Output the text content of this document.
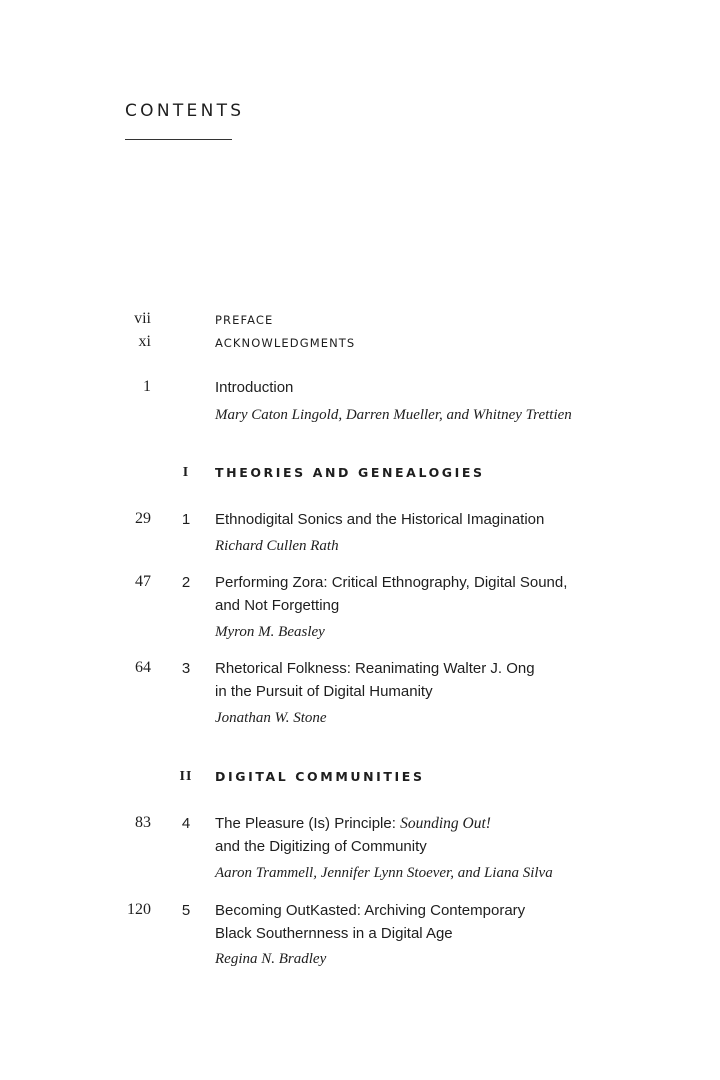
CONTENTS
vii	PREFACE
xi	ACKNOWLEDGMENTS
1	Introduction
Mary Caton Lingold, Darren Mueller, and Whitney Trettien
I	THEORIES AND GENEALOGIES
29	1	Ethnodigital Sonics and the Historical Imagination
Richard Cullen Rath
47	2	Performing Zora: Critical Ethnography, Digital Sound,
and Not Forgetting
Myron M. Beasley
64	3	Rhetorical Folkness: Reanimating Walter J. Ong
in the Pursuit of Digital Humanity
Jonathan W. Stone
II	DIGITAL COMMUNITIES
83	4	The Pleasure (Is) Principle: Sounding Out!
and the Digitizing of Community
Aaron Trammell, Jennifer Lynn Stoever, and Liana Silva
120	5	Becoming OutKasted: Archiving Contemporary
Black Southernness in a Digital Age
Regina N. Bradley
